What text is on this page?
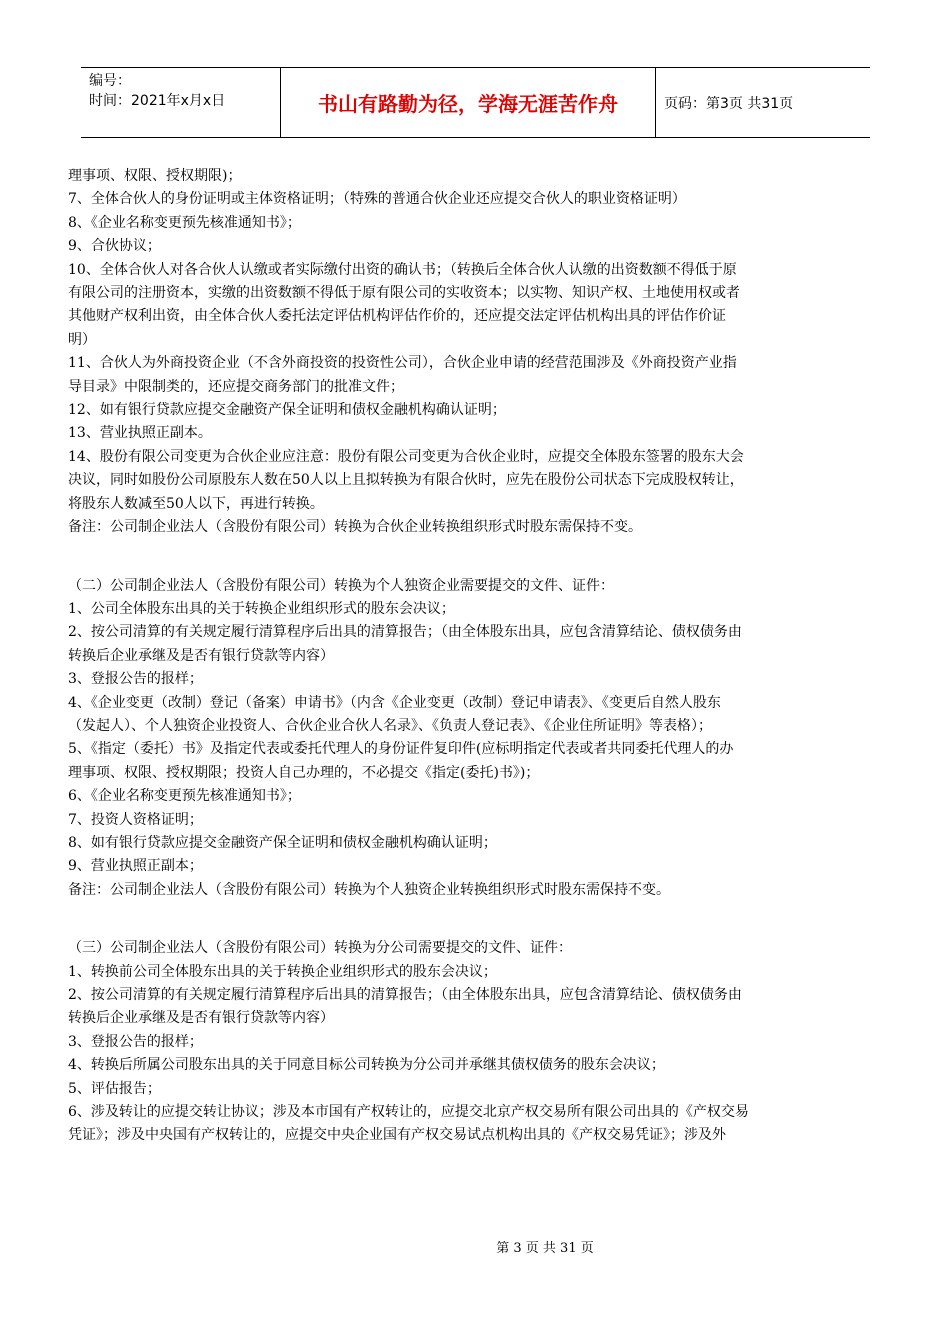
编号：
时间：2021年x月x日	书山有路勤为径，学海无涯苦作舟	页码：第3页 共31页

理事项、权限、授权期限)；

7、全体合伙人的身份证明或主体资格证明；（特殊的普通合伙企业还应提交合伙人的职业资格证明）

8、《企业名称变更预先核准通知书》；

9、合伙协议；

10、全体合伙人对各合伙人认缴或者实际缴付出资的确认书；（转换后全体合伙人认缴的出资数额不得低于原

有限公司的注册资本，实缴的出资数额不得低于原有限公司的实收资本；以实物、知识产权、土地使用权或者

其他财产权利出资，由全体合伙人委托法定评估机构评估作价的，还应提交法定评估机构出具的评估作价证

明）

11、合伙人为外商投资企业（不含外商投资的投资性公司），合伙企业申请的经营范围涉及《外商投资产业指

导目录》中限制类的，还应提交商务部门的批准文件；

12、如有银行贷款应提交金融资产保全证明和债权金融机构确认证明；

13、营业执照正副本。

14、股份有限公司变更为合伙企业应注意：股份有限公司变更为合伙企业时，应提交全体股东签署的股东大会

决议，同时如股份公司原股东人数在50人以上且拟转换为有限合伙时，应先在股份公司状态下完成股权转让，

将股东人数减至50人以下，再进行转换。

备注：公司制企业法人（含股份有限公司）转换为合伙企业转换组织形式时股东需保持不变。

（二）公司制企业法人（含股份有限公司）转换为个人独资企业需要提交的文件、证件：

1、公司全体股东出具的关于转换企业组织形式的股东会决议；

2、按公司清算的有关规定履行清算程序后出具的清算报告；（由全体股东出具，应包含清算结论、债权债务由

转换后企业承继及是否有银行贷款等内容）

3、登报公告的报样；

4、《企业变更（改制）登记（备案）申请书》（内含《企业变更（改制）登记申请表》、《变更后自然人股东

（发起人）、个人独资企业投资人、合伙企业合伙人名录》、《负责人登记表》、《企业住所证明》等表格）；

5、《指定（委托）书》及指定代表或委托代理人的身份证件复印件(应标明指定代表或者共同委托代理人的办

理事项、权限、授权期限；投资人自己办理的，不必提交《指定(委托)书》)；

6、《企业名称变更预先核准通知书》；

7、投资人资格证明；

8、如有银行贷款应提交金融资产保全证明和债权金融机构确认证明；

9、营业执照正副本；

备注：公司制企业法人（含股份有限公司）转换为个人独资企业转换组织形式时股东需保持不变。

（三）公司制企业法人（含股份有限公司）转换为分公司需要提交的文件、证件：

1、转换前公司全体股东出具的关于转换企业组织形式的股东会决议；

2、按公司清算的有关规定履行清算程序后出具的清算报告；（由全体股东出具，应包含清算结论、债权债务由

转换后企业承继及是否有银行贷款等内容）

3、登报公告的报样；

4、转换后所属公司股东出具的关于同意目标公司转换为分公司并承继其债权债务的股东会决议；

5、评估报告；

6、涉及转让的应提交转让协议；涉及本市国有产权转让的，应提交北京产权交易所有限公司出具的《产权交易

凭证》；涉及中央国有产权转让的，应提交中央企业国有产权交易试点机构出具的《产权交易凭证》；涉及外

第 3 页 共 31 页
